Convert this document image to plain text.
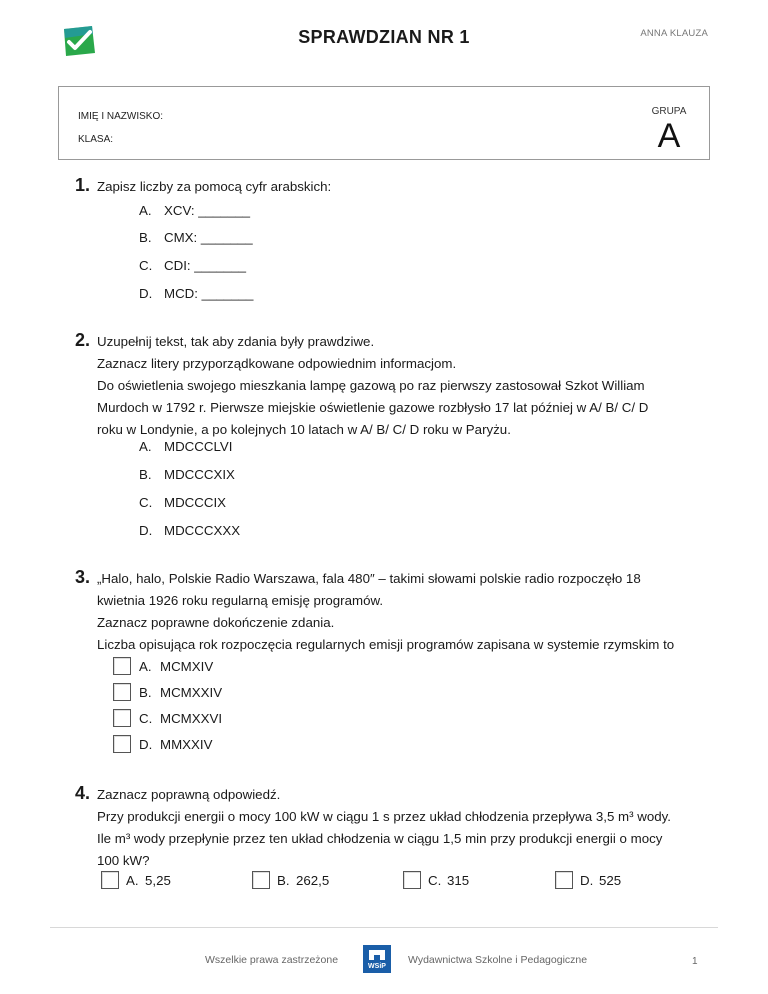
SPRAWDZIAN NR 1	ANNA KLAUZA
IMIĘ I NAZWISKO:
KLASA:
GRUPA
A
1. Zapisz liczby za pomocą cyfr arabskich:
A. XCV: _______
B. CMX: _______
C. CDI: _______
D. MCD: _______
2. Uzupełnij tekst, tak aby zdania były prawdziwe.
Zaznacz litery przyporządkowane odpowiednim informacjom.
Do oświetlenia swojego mieszkania lampę gazową po raz pierwszy zastosował Szkot William
Murdoch w 1792 r. Pierwsze miejskie oświetlenie gazowe rozbłysło 17 lat później w A/ B/ C/ D
roku w Londynie, a po kolejnych 10 latach w A/ B/ C/ D roku w Paryżu.
A. MDCCCLVI
B. MDCCCXIX
C. MDCCCIX
D. MDCCCXXX
3. „Halo, halo, Polskie Radio Warszawa, fala 480″ – takimi słowami polskie radio rozpoczęło 18
kwietnia 1926 roku regularną emisję programów.
Zaznacz poprawne dokończenie zdania.
Liczba opisująca rok rozpoczęcia regularnych emisji programów zapisana w systemie rzymskim to
A. MCMXIV
B. MCMXXIV
C. MCMXXVI
D. MMXXIV
4. Zaznacz poprawną odpowiedź.
Przy produkcji energii o mocy 100 kW w ciągu 1 s przez układ chłodzenia przepływa 3,5 m³ wody.
Ile m³ wody przepłynie przez ten układ chłodzenia w ciągu 1,5 min przy produkcji energii o mocy
100 kW?
A. 5,25	B. 262,5	C. 315	D. 525
Wszelkie prawa zastrzeżone
WSiP
Wydawnictwa Szkolne i Pedagogiczne	1
